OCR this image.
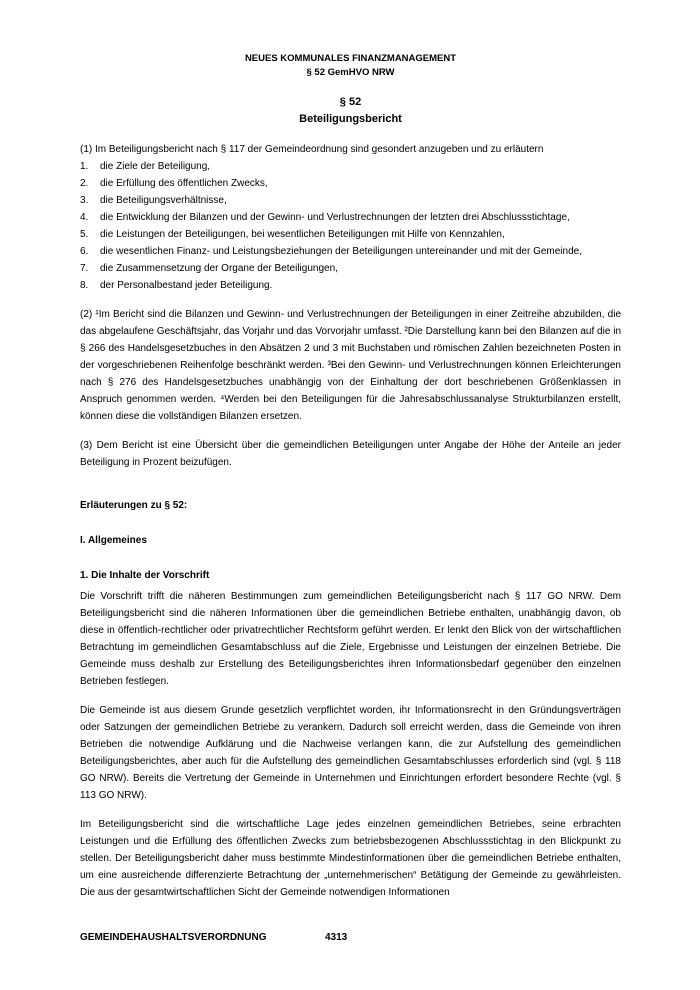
NEUES KOMMUNALES FINANZMANAGEMENT
§ 52 GemHVO NRW
§ 52
Beteiligungsbericht

(1) Im Beteiligungsbericht nach § 117 der Gemeindeordnung sind gesondert anzugeben und zu erläutern

1.	die Ziele der Beteiligung,
2.	die Erfüllung des öffentlichen Zwecks,
3.	die Beteiligungsverhältnisse,
4.	die Entwicklung der Bilanzen und der Gewinn- und Verlustrechnungen der letzten drei Abschlussstichtage,
5.	die Leistungen der Beteiligungen, bei wesentlichen Beteiligungen mit Hilfe von Kennzahlen,
6.	die wesentlichen Finanz- und Leistungsbeziehungen der Beteiligungen untereinander und mit der Gemeinde,
7.	die Zusammensetzung der Organe der Beteiligungen,
8.	der Personalbestand jeder Beteiligung.

(2) ¹Im Bericht sind die Bilanzen und Gewinn- und Verlustrechnungen der Beteiligungen in einer Zeitreihe abzubilden, die das abgelaufene Geschäftsjahr, das Vorjahr und das Vorvorjahr umfasst. ²Die Darstellung kann bei den Bilanzen auf die in § 266 des Handelsgesetzbuches in den Absätzen 2 und 3 mit Buchstaben und römischen Zahlen bezeichneten Posten in der vorgeschriebenen Reihenfolge beschränkt werden. ³Bei den Gewinn- und Verlustrechnungen können Erleichterungen nach § 276 des Handelsgesetzbuches unabhängig von der Einhaltung der dort beschriebenen Größenklassen in Anspruch genommen werden. ⁴Werden bei den Beteiligungen für die Jahresabschlussanalyse Strukturbilanzen erstellt, können diese die vollständigen Bilanzen ersetzen.

(3) Dem Bericht ist eine Übersicht über die gemeindlichen Beteiligungen unter Angabe der Höhe der Anteile an jeder Beteiligung in Prozent beizufügen.

Erläuterungen zu § 52:

I. Allgemeines

1. Die Inhalte der Vorschrift

Die Vorschrift trifft die näheren Bestimmungen zum gemeindlichen Beteiligungsbericht nach § 117 GO NRW. Dem Beteiligungsbericht sind die näheren Informationen über die gemeindlichen Betriebe enthalten, unabhängig davon, ob diese in öffentlich-rechtlicher oder privatrechtlicher Rechtsform geführt werden. Er lenkt den Blick von der wirtschaftlichen Betrachtung im gemeindlichen Gesamtabschluss auf die Ziele, Ergebnisse und Leistungen der einzelnen Betriebe. Die Gemeinde muss deshalb zur Erstellung des Beteiligungsberichtes ihren Informationsbedarf gegenüber den einzelnen Betrieben festlegen.

Die Gemeinde ist aus diesem Grunde gesetzlich verpflichtet worden, ihr Informationsrecht in den Gründungsverträgen oder Satzungen der gemeindlichen Betriebe zu verankern. Dadurch soll erreicht werden, dass die Gemeinde von ihren Betrieben die notwendige Aufklärung und die Nachweise verlangen kann, die zur Aufstellung des gemeindlichen Beteiligungsberichtes, aber auch für die Aufstellung des gemeindlichen Gesamtabschlusses erforderlich sind (vgl. § 118 GO NRW). Bereits die Vertretung der Gemeinde in Unternehmen und Einrichtungen erfordert besondere Rechte (vgl. § 113 GO NRW).

Im Beteiligungsbericht sind die wirtschaftliche Lage jedes einzelnen gemeindlichen Betriebes, seine erbrachten Leistungen und die Erfüllung des öffentlichen Zwecks zum betriebsbezogenen Abschlussstichtag in den Blickpunkt zu stellen. Der Beteiligungsbericht daher muss bestimmte Mindestinformationen über die gemeindlichen Betriebe enthalten, um eine ausreichende differenzierte Betrachtung der „unternehmerischen“ Betätigung der Gemeinde zu gewährleisten. Die aus der gesamtwirtschaftlichen Sicht der Gemeinde notwendigen Informationen

GEMEINDEHAUSHALTSVERORDNUNG	4313
